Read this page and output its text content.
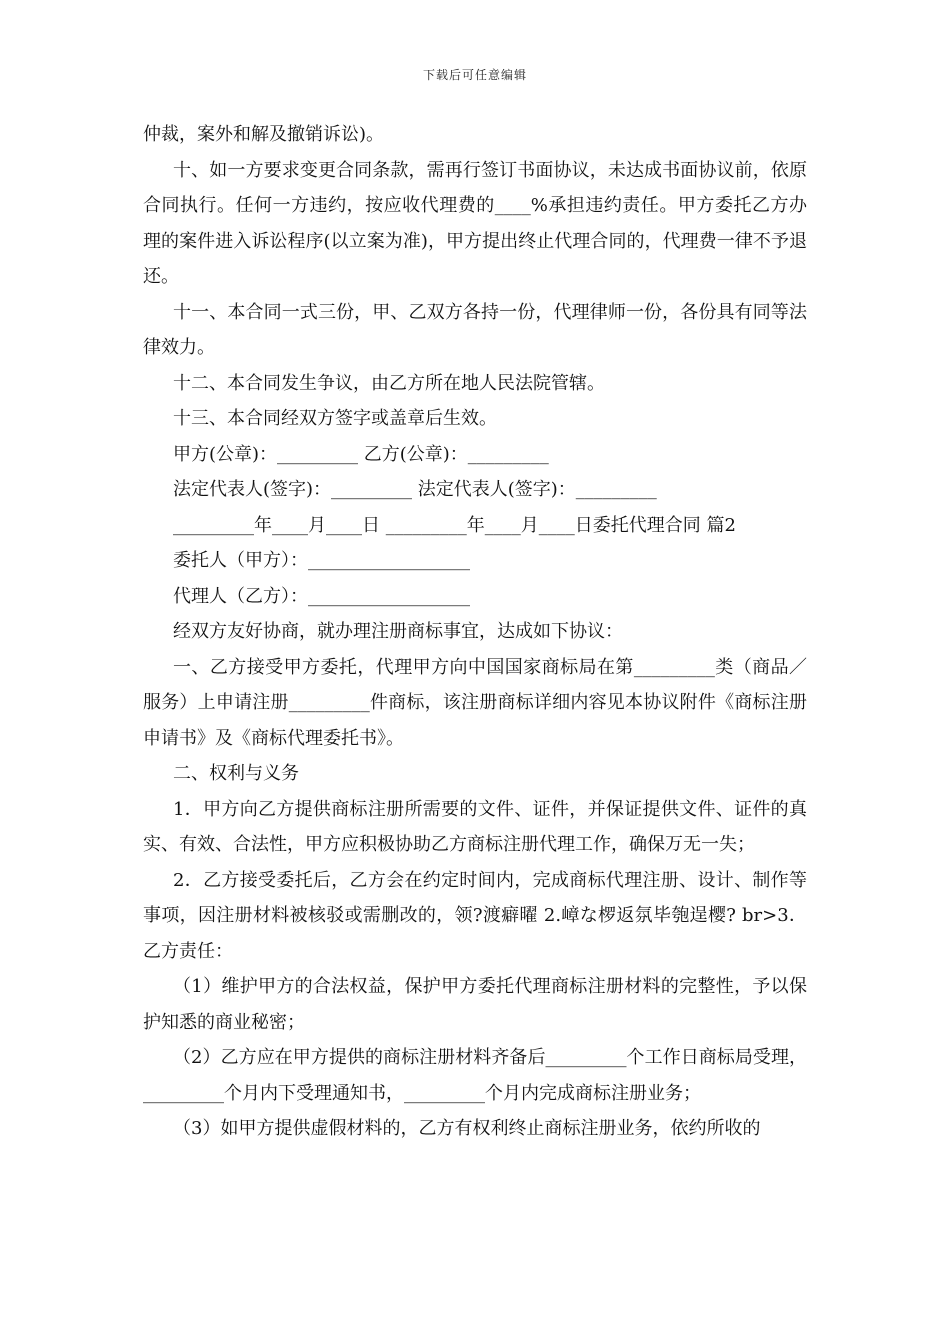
下载后可任意编辑

仲裁，案外和解及撤销诉讼)。

十、如一方要求变更合同条款，需再行签订书面协议，未达成书面协议前，依原合同执行。任何一方违约，按应收代理费的____%承担违约责任。甲方委托乙方办理的案件进入诉讼程序(以立案为准)，甲方提出终止代理合同的，代理费一律不予退还。

十一、本合同一式三份，甲、乙双方各持一份，代理律师一份，各份具有同等法律效力。

十二、本合同发生争议，由乙方所在地人民法院管辖。

十三、本合同经双方签字或盖章后生效。

甲方(公章)：_________ 乙方(公章)：_________

法定代表人(签字)：_________ 法定代表人(签字)：_________

_________年____月____日 _________年____月____日委托代理合同 篇2

委托人（甲方）：__________________

代理人（乙方）：__________________

经双方友好协商，就办理注册商标事宜，达成如下协议：

一、乙方接受甲方委托，代理甲方向中国国家商标局在第_________类（商品／服务）上申请注册_________件商标，该注册商标详细内容见本协议附件《商标注册申请书》及《商标代理委托书》。

二、权利与义务

1．甲方向乙方提供商标注册所需要的文件、证件，并保证提供文件、证件的真实、有效、合法性，甲方应积极协助乙方商标注册代理工作，确保万无一失；

2．乙方接受委托后，乙方会在约定时间内，完成商标代理注册、设计、制作等事项，因注册材料被核驳或需删改的，领?渡癖曜 2.嶂な椤返氛毕匏逞樱? br>3．乙方责任：

（1）维护甲方的合法权益，保护甲方委托代理商标注册材料的完整性，予以保护知悉的商业秘密；

（2）乙方应在甲方提供的商标注册材料齐备后_________个工作日商标局受理，_________个月内下受理通知书，_________个月内完成商标注册业务；

（3）如甲方提供虚假材料的，乙方有权利终止商标注册业务，依约所收的
